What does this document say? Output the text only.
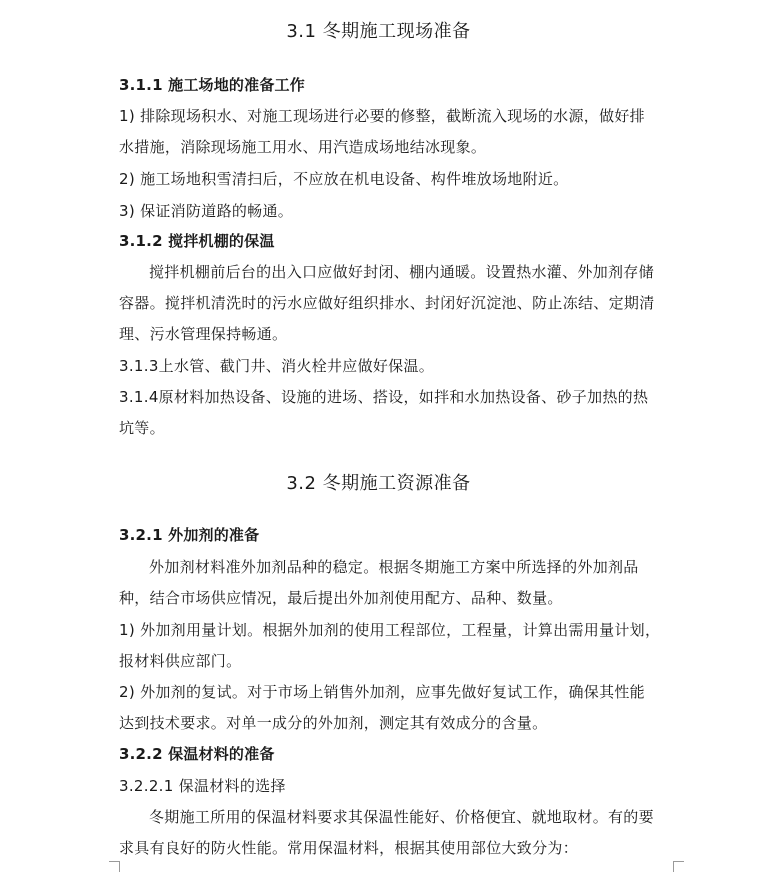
3.1 冬期施工现场准备
3.1.1 施工场地的准备工作
1) 排除现场积水、对施工现场进行必要的修整，截断流入现场的水源，做好排
水措施，消除现场施工用水、用汽造成场地结冰现象。
2) 施工场地积雪清扫后，不应放在机电设备、构件堆放场地附近。
3) 保证消防道路的畅通。
3.1.2 搅拌机棚的保温
搅拌机棚前后台的出入口应做好封闭、棚内通暖。设置热水灌、外加剂存储
容器。搅拌机清洗时的污水应做好组织排水、封闭好沉淀池、防止冻结、定期清
理、污水管理保持畅通。
3.1.3上水管、截门井、消火栓井应做好保温。
3.1.4原材料加热设备、设施的进场、搭设，如拌和水加热设备、砂子加热的热
坑等。
3.2 冬期施工资源准备
3.2.1 外加剂的准备
外加剂材料准外加剂品种的稳定。根据冬期施工方案中所选择的外加剂品
种，结合市场供应情况，最后提出外加剂使用配方、品种、数量。
1) 外加剂用量计划。根据外加剂的使用工程部位，工程量，计算出需用量计划，
报材料供应部门。
2) 外加剂的复试。对于市场上销售外加剂，应事先做好复试工作，确保其性能
达到技术要求。对单一成分的外加剂，测定其有效成分的含量。
3.2.2 保温材料的准备
3.2.2.1 保温材料的选择
冬期施工所用的保温材料要求其保温性能好、价格便宜、就地取材。有的要
求具有良好的防火性能。常用保温材料，根据其使用部位大致分为：
